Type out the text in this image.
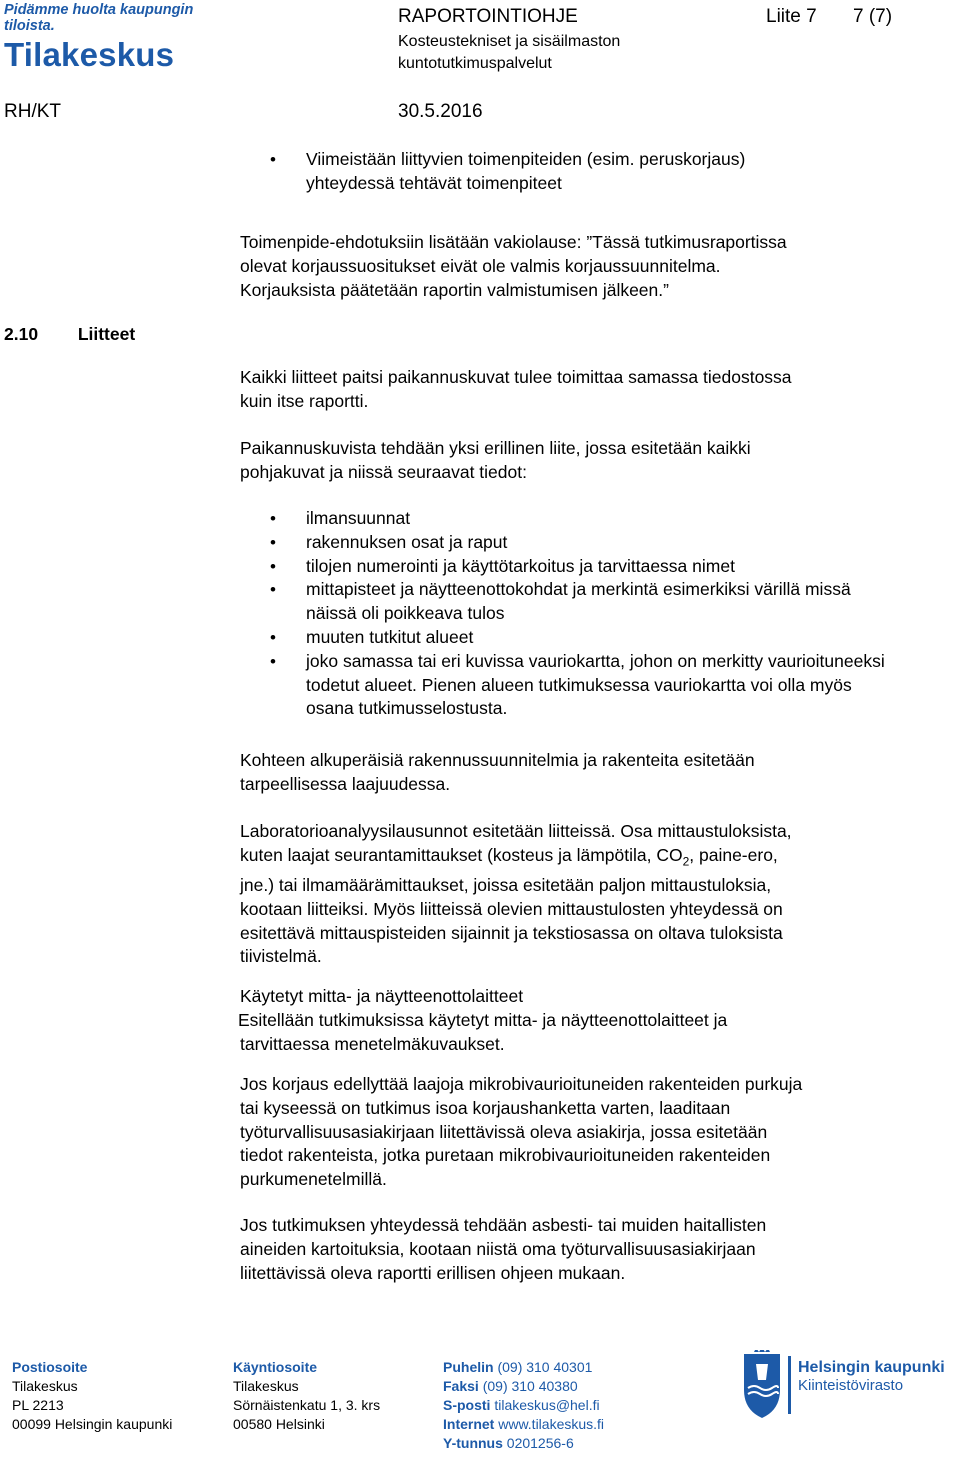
Pidämme huolta kaupungin tiloista.
Tilakeskus
RAPORTOINTIOHJE	Liite 7 7 (7)
Kosteustekniset ja sisäilmaston
kuntotutkimuspalvelut
RH/KT	30.5.2016
• Viimeistään liittyvien toimenpiteiden (esim. peruskorjaus)
yhteydessä tehtävät toimenpiteet
Toimenpide-ehdotuksiin lisätään vakiolause: ”Tässä tutkimusraportissa
olevat korjaussuositukset eivät ole valmis korjaussuunnitelma.
Korjauksista päätetään raportin valmistumisen jälkeen.”
2.10 Liitteet
Kaikki liitteet paitsi paikannuskuvat tulee toimittaa samassa tiedostossa
kuin itse raportti.
Paikannuskuvista tehdään yksi erillinen liite, jossa esitetään kaikki
pohjakuvat ja niissä seuraavat tiedot:
• ilmansuunnat
• rakennuksen osat ja raput
• tilojen numerointi ja käyttötarkoitus ja tarvittaessa nimet
• mittapisteet ja näytteenottokohdat ja merkintä esimerkiksi värillä missä näissä oli poikkeava tulos
• muuten tutkitut alueet
• joko samassa tai eri kuvissa vauriokartta, johon on merkitty vaurioituneeksi todetut alueet. Pienen alueen tutkimuksessa vauriokartta voi olla myös osana tutkimusselostusta.
Kohteen alkuperäisiä rakennussuunnitelmia ja rakenteita esitetään
tarpeellisessa laajuudessa.
Laboratorioanalyysilausunnot esitetään liitteissä. Osa mittaustuloksista,
kuten laajat seurantamittaukset (kosteus ja lämpötila, $CO_2$, paine-ero,
jne.) tai ilmamäärämittaukset, joissa esitetään paljon mittaustuloksia,
kootaan liitteiksi. Myös liitteissä olevien mittaustulosten yhteydessä on
esitettävä mittauspisteiden sijainnit ja tekstiosassa on oltava tuloksista
tiivistelmä.
Käytetyt mitta- ja näytteenottolaitteet
Esitellään tutkimuksissa käytetyt mitta- ja näytteenottolaitteet ja
tarvittaessa menetelmäkuvaukset.
Jos korjaus edellyttää laajoja mikrobivaurioituneiden rakenteiden purkuja
tai kyseessä on tutkimus isoa korjaushanketta varten, laaditaan
työturvallisuusasiakirjaan liitettävissä oleva asiakirja, jossa esitetään
tiedot rakenteista, jotka puretaan mikrobivaurioituneiden rakenteiden
purkumenetelmillä.
Jos tutkimuksen yhteydessä tehdään asbesti- tai muiden haitallisten
aineiden kartoituksia, kootaan niistä oma työturvallisuusasiakirjaan
liitettävissä oleva raportti erillisen ohjeen mukaan.
Postiosoite
Tilakeskus
PL 2213
00099 Helsingin kaupunki
Käyntiosoite
Tilakeskus
Sörnäistenkatu 1, 3. krs
00580 Helsinki
Puhelin (09) 310 40301
Faksi (09) 310 40380
S-posti tilakeskus@hel.fi
Internet www.tilakeskus.fi
Y-tunnus 0201256-6
Helsingin kaupunki
Kiinteistövirasto
